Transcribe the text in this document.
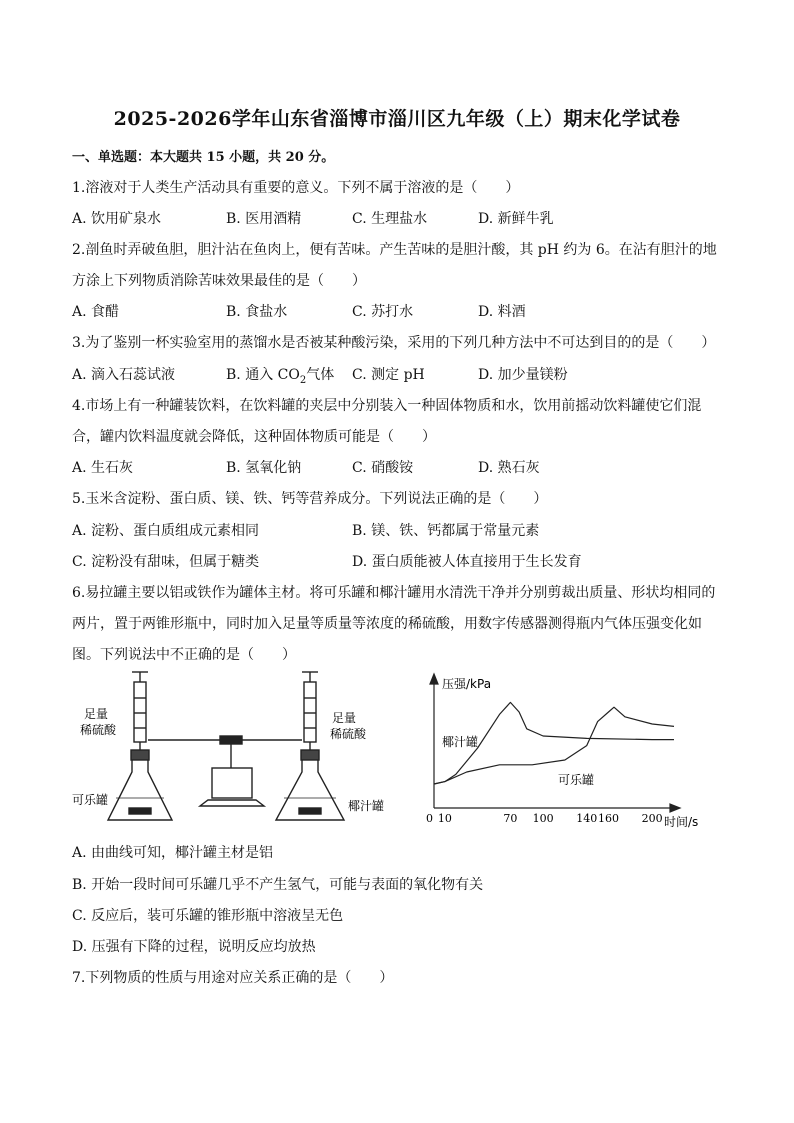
2025-2026学年山东省淄博市淄川区九年级（上）期末化学试卷
一、单选题：本大题共 15 小题，共 20 分。
1.溶液对于人类生产活动具有重要的意义。下列不属于溶液的是（　　）
A. 饮用矿泉水	B. 医用酒精	C. 生理盐水	D. 新鲜牛乳
2.剖鱼时弄破鱼胆，胆汁沾在鱼肉上，便有苦味。产生苦味的是胆汁酸，其 pH 约为 6。在沾有胆汁的地
方涂上下列物质消除苦味效果最佳的是（　　）
A. 食醋	B. 食盐水	C. 苏打水	D. 料酒
3.为了鉴别一杯实验室用的蒸馏水是否被某种酸污染，采用的下列几种方法中不可达到目的的是（　　）
A. 滴入石蕊试液	B. 通入 $CO_2$气体 C. 测定 pH	D. 加少量镁粉
4.市场上有一种罐装饮料，在饮料罐的夹层中分别装入一种固体物质和水，饮用前摇动饮料罐使它们混
合，罐内饮料温度就会降低，这种固体物质可能是（　　）
A. 生石灰	B. 氢氧化钠	C. 硝酸铵	D. 熟石灰
5.玉米含淀粉、蛋白质、镁、铁、钙等营养成分。下列说法正确的是（　　）
A. 淀粉、蛋白质组成元素相同	B. 镁、铁、钙都属于常量元素
C. 淀粉没有甜味，但属于糖类	D. 蛋白质能被人体直接用于生长发育
6.易拉罐主要以铝或铁作为罐体主材。将可乐罐和椰汁罐用水清洗干净并分别剪裁出质量、形状均相同的
两片，置于两锥形瓶中，同时加入足量等质量等浓度的稀硫酸，用数字传感器测得瓶内气体压强变化如
图。下列说法中不正确的是（　　）
足量
稀硫酸
可乐罐
足量
稀硫酸
椰汁罐
压强/kPa
时间/s
0 10	70 100 140 160 200
椰汁罐
可乐罐
A. 由曲线可知，椰汁罐主材是铝
B. 开始一段时间可乐罐几乎不产生氢气，可能与表面的氧化物有关
C. 反应后，装可乐罐的锥形瓶中溶液呈无色
D. 压强有下降的过程，说明反应均放热
7.下列物质的性质与用途对应关系正确的是（　　）
